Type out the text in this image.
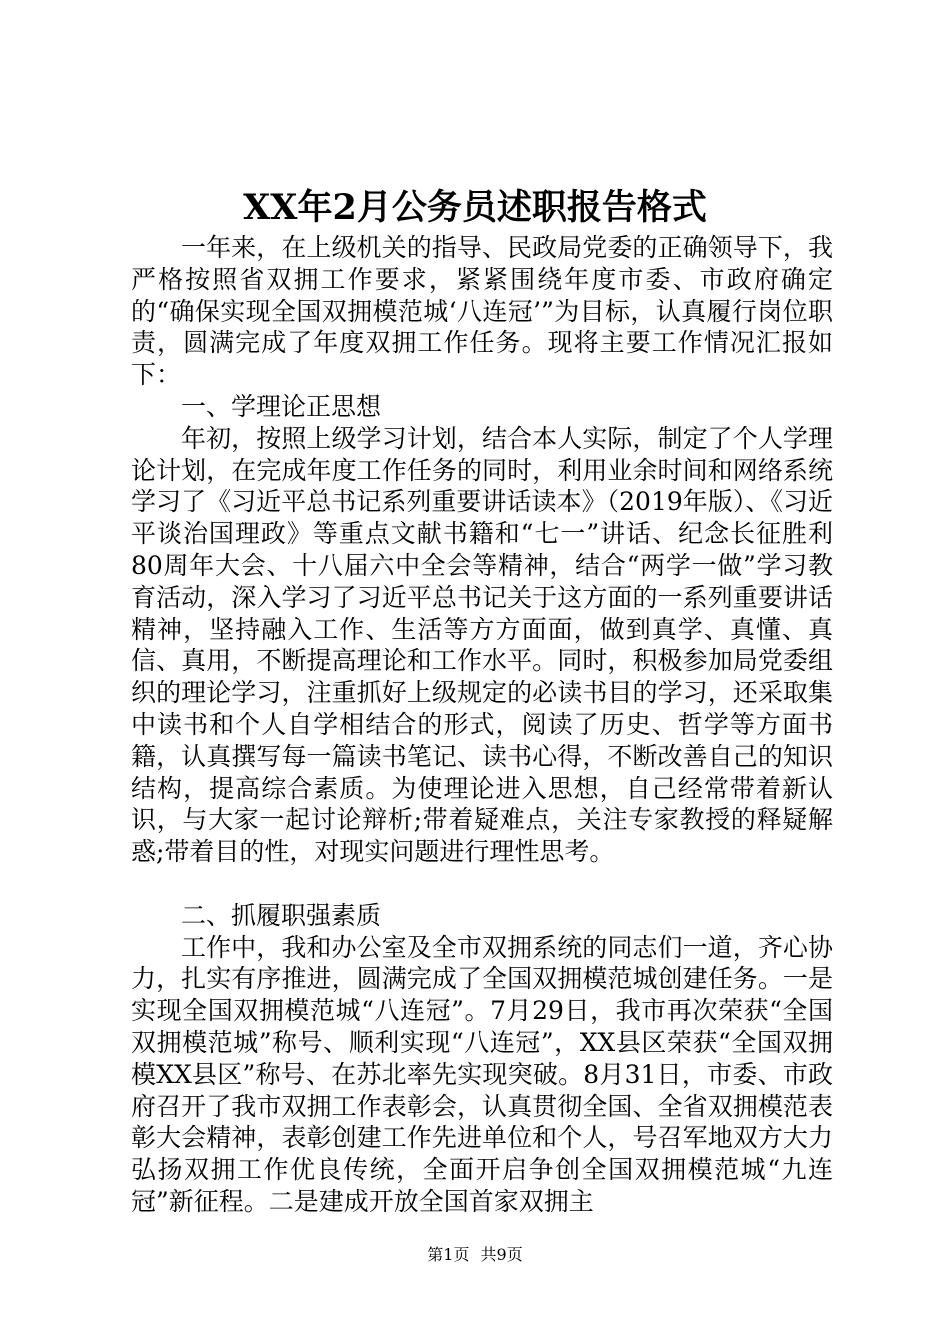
XX年2月公务员述职报告格式

一年来，在上级机关的指导、民政局党委的正确领导下，我严格按照省双拥工作要求，紧紧围绕年度市委、市政府确定的“确保实现全国双拥模范城‘八连冠’”为目标，认真履行岗位职责，圆满完成了年度双拥工作任务。现将主要工作情况汇报如下：

一、学理论正思想

年初，按照上级学习计划，结合本人实际，制定了个人学理论计划，在完成年度工作任务的同时，利用业余时间和网络系统学习了《习近平总书记系列重要讲话读本》（2019年版）、《习近平谈治国理政》等重点文献书籍和“七一”讲话、纪念长征胜利80周年大会、十八届六中全会等精神，结合“两学一做”学习教育活动，深入学习了习近平总书记关于这方面的一系列重要讲话精神，坚持融入工作、生活等方方面面，做到真学、真懂、真信、真用，不断提高理论和工作水平。同时，积极参加局党委组织的理论学习，注重抓好上级规定的必读书目的学习，还采取集中读书和个人自学相结合的形式，阅读了历史、哲学等方面书籍，认真撰写每一篇读书笔记、读书心得，不断改善自己的知识结构，提高综合素质。为使理论进入思想，自己经常带着新认识，与大家一起讨论辩析;带着疑难点，关注专家教授的释疑解惑;带着目的性，对现实问题进行理性思考。

二、抓履职强素质

工作中，我和办公室及全市双拥系统的同志们一道，齐心协力，扎实有序推进，圆满完成了全国双拥模范城创建任务。一是实现全国双拥模范城“八连冠”。7月29日，我市再次荣获“全国双拥模范城”称号、顺利实现“八连冠”，XX县区荣获“全国双拥模XX县区”称号、在苏北率先实现突破。8月31日，市委、市政府召开了我市双拥工作表彰会，认真贯彻全国、全省双拥模范表彰大会精神，表彰创建工作先进单位和个人，号召军地双方大力弘扬双拥工作优良传统，全面开启争创全国双拥模范城“九连冠”新征程。二是建成开放全国首家双拥主

第1页 共9页
